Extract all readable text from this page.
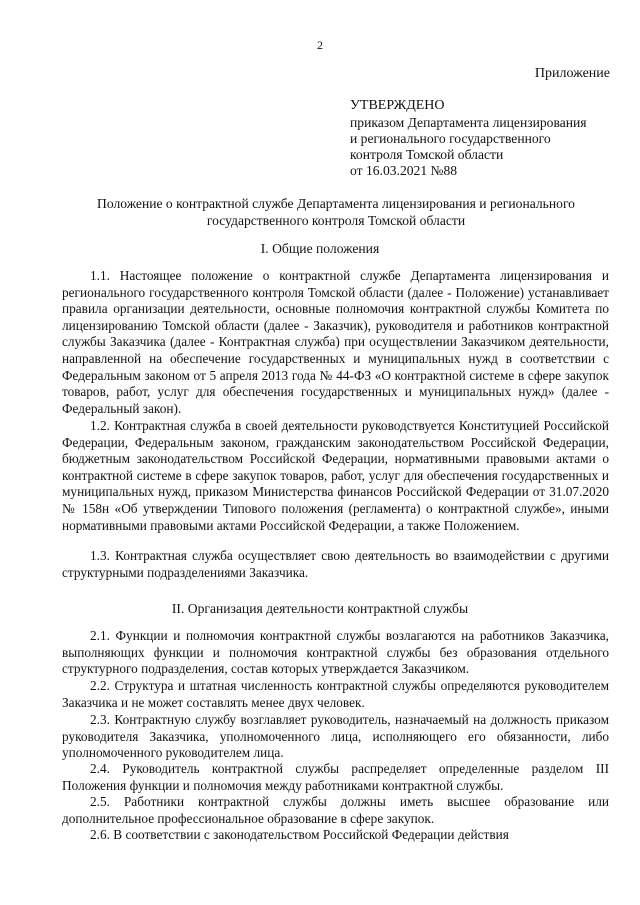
2
Приложение
УТВЕРЖДЕНО
приказом Департамента лицензирования
и регионального государственного
контроля Томской области
от 16.03.2021 №88
Положение о контрактной службе Департамента лицензирования и регионального
государственного контроля Томской области
I. Общие положения

1.1. Настоящее положение о контрактной службе Департамента лицензирования и регионального государственного контроля Томской области (далее - Положение) устанавливает правила организации деятельности, основные полномочия контрактной службы Комитета по лицензированию Томской области (далее - Заказчик), руководителя и работников контрактной службы Заказчика (далее - Контрактная служба) при осуществлении Заказчиком деятельности, направленной на обеспечение государственных и муниципальных нужд в соответствии с Федеральным законом от 5 апреля 2013 года № 44-ФЗ «О контрактной системе в сфере закупок товаров, работ, услуг для обеспечения государственных и муниципальных нужд» (далее - Федеральный закон).

1.2. Контрактная служба в своей деятельности руководствуется Конституцией Российской Федерации, Федеральным законом, гражданским законодательством Российской Федерации, бюджетным законодательством Российской Федерации, нормативными правовыми актами о контрактной системе в сфере закупок товаров, работ, услуг для обеспечения государственных и муниципальных нужд, приказом Министерства финансов Российской Федерации от 31.07.2020 № 158н «Об утверждении Типового положения (регламента) о контрактной службе», иными нормативными правовыми актами Российской Федерации, а также Положением.

1.3. Контрактная служба осуществляет свою деятельность во взаимодействии с другими структурными подразделениями Заказчика.

II. Организация деятельности контрактной службы

2.1. Функции и полномочия контрактной службы возлагаются на работников Заказчика, выполняющих функции и полномочия контрактной службы без образования отдельного структурного подразделения, состав которых утверждается Заказчиком.

2.2. Структура и штатная численность контрактной службы определяются руководителем Заказчика и не может составлять менее двух человек.

2.3. Контрактную службу возглавляет руководитель, назначаемый на должность приказом руководителя Заказчика, уполномоченного лица, исполняющего его обязанности, либо уполномоченного руководителем лица.

2.4. Руководитель контрактной службы распределяет определенные разделом III Положения функции и полномочия между работниками контрактной службы.

2.5. Работники контрактной службы должны иметь высшее образование или дополнительное профессиональное образование в сфере закупок.

2.6. В соответствии с законодательством Российской Федерации действия
